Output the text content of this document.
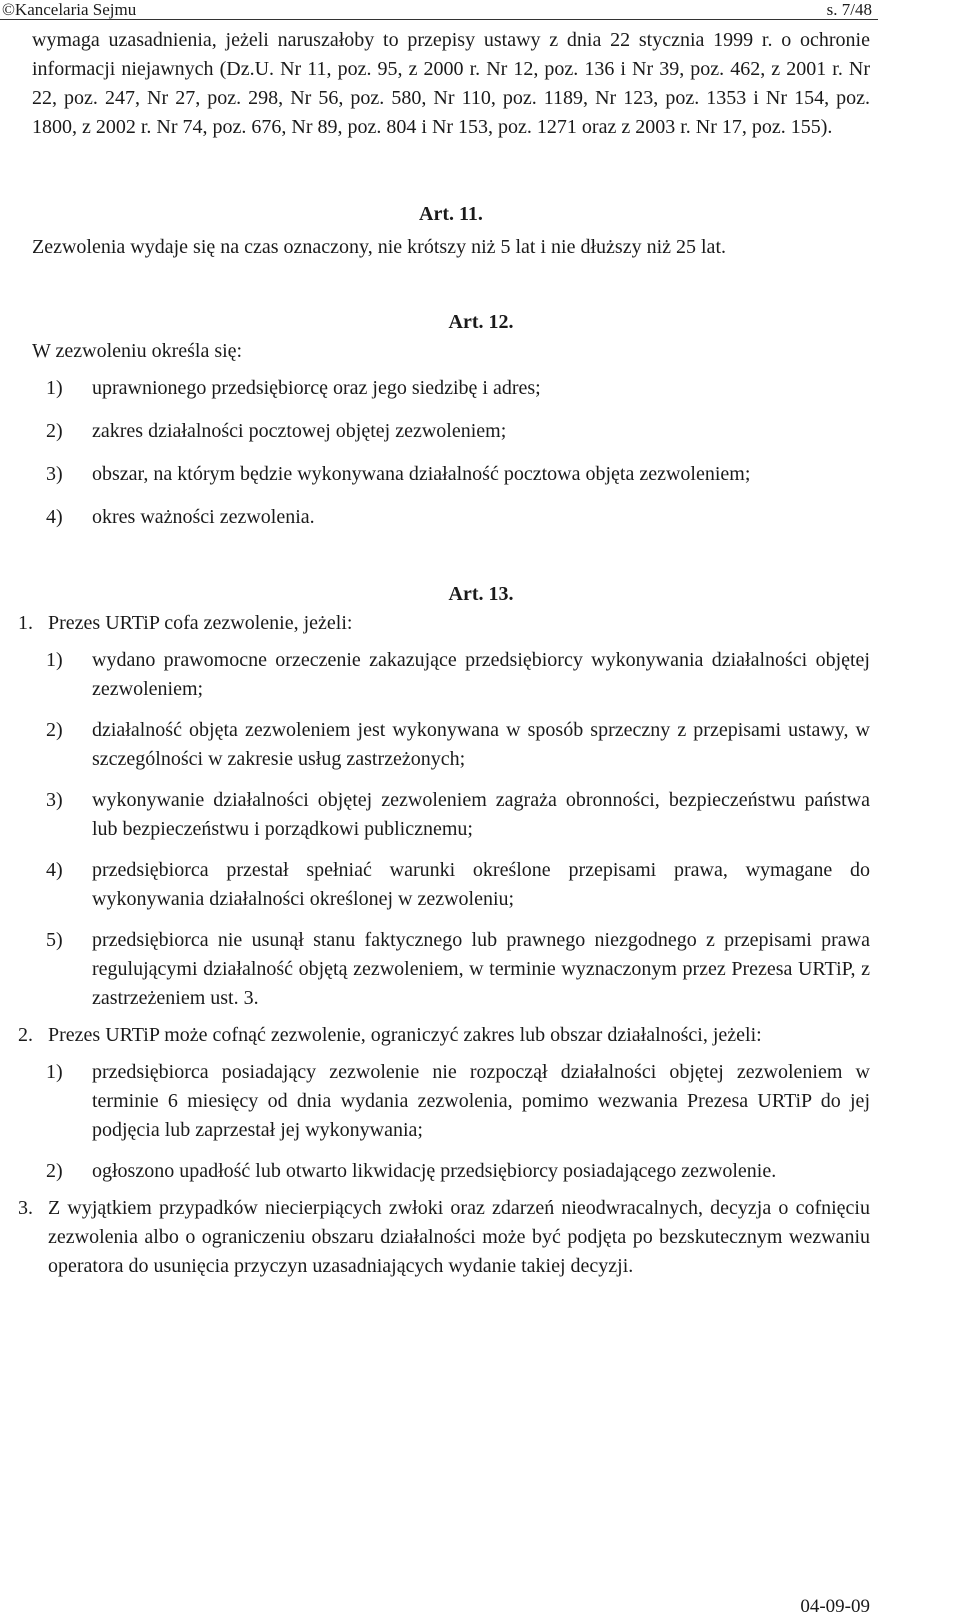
©Kancelaria Sejmu	s. 7/48

wymaga uzasadnienia, jeżeli naruszałoby to przepisy ustawy z dnia 22 stycznia 1999 r. o ochronie informacji niejawnych (Dz.U. Nr 11, poz. 95, z 2000 r. Nr 12, poz. 136 i Nr 39, poz. 462, z 2001 r. Nr 22, poz. 247, Nr 27, poz. 298, Nr 56, poz. 580, Nr 110, poz. 1189, Nr 123, poz. 1353 i Nr 154, poz. 1800, z 2002 r. Nr 74, poz. 676, Nr 89, poz. 804 i Nr 153, poz. 1271 oraz z 2003 r. Nr 17, poz. 155).

Art. 11.

Zezwolenia wydaje się na czas oznaczony, nie krótszy niż 5 lat i nie dłuższy niż 25 lat.

Art. 12.

W zezwoleniu określa się:

1) uprawnionego przedsiębiorcę oraz jego siedzibę i adres;

2) zakres działalności pocztowej objętej zezwoleniem;

3) obszar, na którym będzie wykonywana działalność pocztowa objęta zezwoleniem;

4) okres ważności zezwolenia.

Art. 13.

1. Prezes URTiP cofa zezwolenie, jeżeli:

1) wydano prawomocne orzeczenie zakazujące przedsiębiorcy wykonywania działalności objętej zezwoleniem;

2) działalność objęta zezwoleniem jest wykonywana w sposób sprzeczny z przepisami ustawy, w szczególności w zakresie usług zastrzeżonych;

3) wykonywanie działalności objętej zezwoleniem zagraża obronności, bezpieczeństwu państwa lub bezpieczeństwu i porządkowi publicznemu;

4) przedsiębiorca przestał spełniać warunki określone przepisami prawa, wymagane do wykonywania działalności określonej w zezwoleniu;

5) przedsiębiorca nie usunął stanu faktycznego lub prawnego niezgodnego z przepisami prawa regulującymi działalność objętą zezwoleniem, w terminie wyznaczonym przez Prezesa URTiP, z zastrzeżeniem ust. 3.

2. Prezes URTiP może cofnąć zezwolenie, ograniczyć zakres lub obszar działalności, jeżeli:

1) przedsiębiorca posiadający zezwolenie nie rozpoczął działalności objętej zezwoleniem w terminie 6 miesięcy od dnia wydania zezwolenia, pomimo wezwania Prezesa URTiP do jej podjęcia lub zaprzestał jej wykonywania;

2) ogłoszono upadłość lub otwarto likwidację przedsiębiorcy posiadającego zezwolenie.

3. Z wyjątkiem przypadków niecierpiących zwłoki oraz zdarzeń nieodwracalnych, decyzja o cofnięciu zezwolenia albo o ograniczeniu obszaru działalności może być podjęta po bezskutecznym wezwaniu operatora do usunięcia przyczyn uzasadniających wydanie takiej decyzji.

04-09-09
